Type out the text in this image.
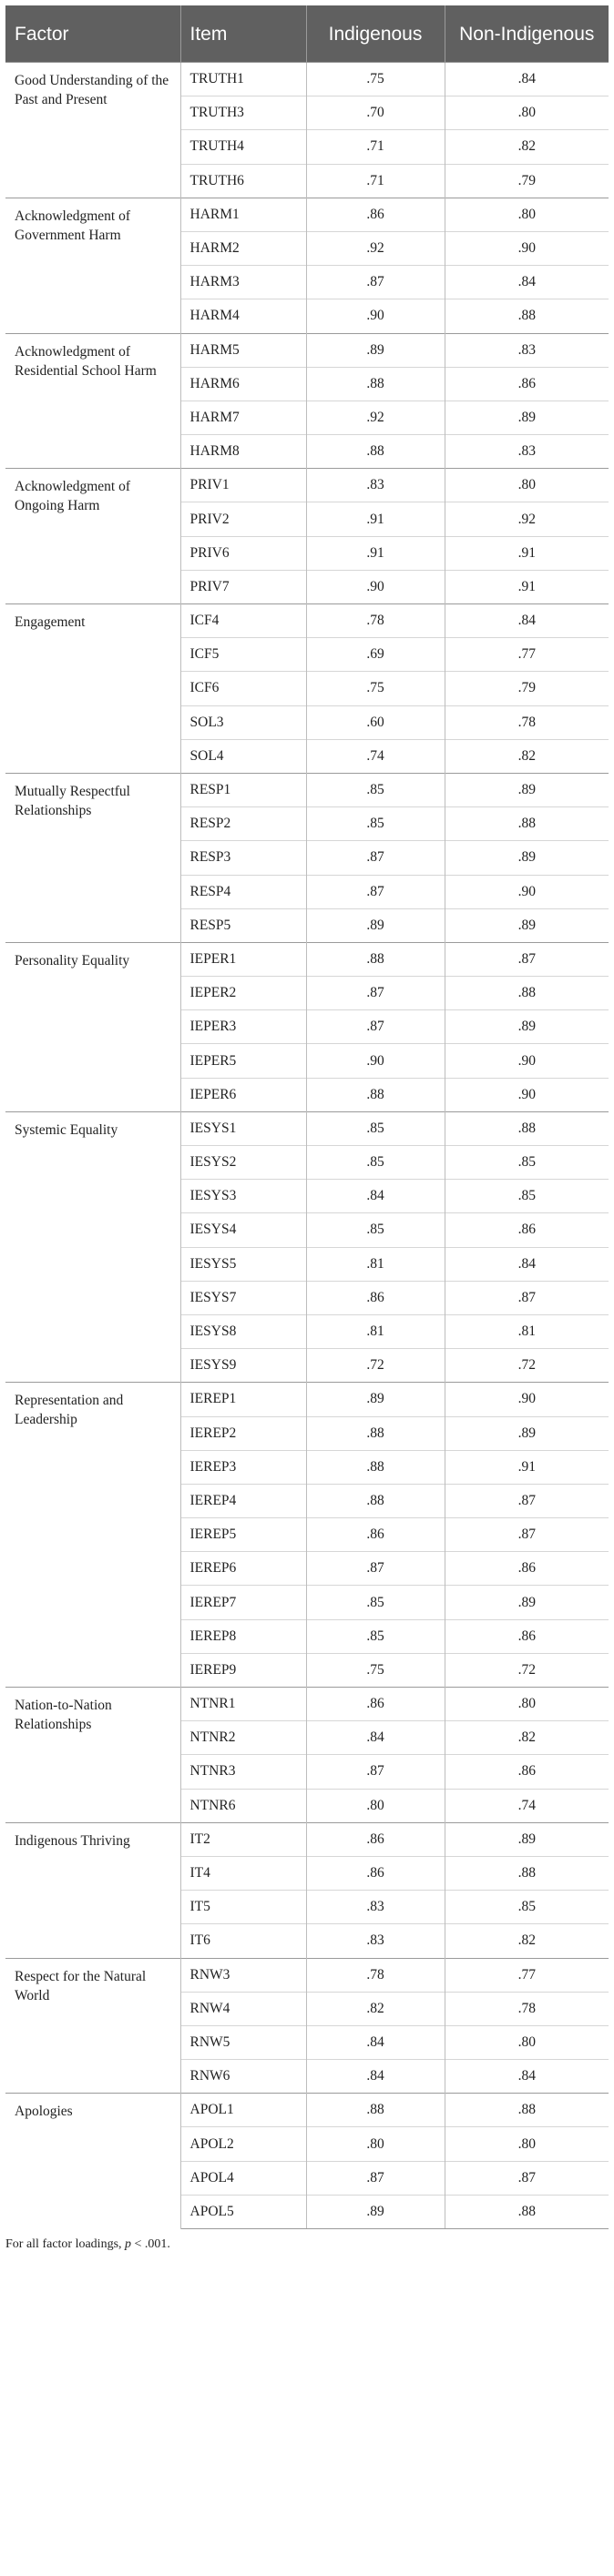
Factor	Item	Indigenous	Non-Indigenous
Good Understanding of the Past and Present	TRUTH1	.75	.84
	TRUTH3	.70	.80
	TRUTH4	.71	.82
	TRUTH6	.71	.79
Acknowledgment of Government Harm	HARM1	.86	.80
	HARM2	.92	.90
	HARM3	.87	.84
	HARM4	.90	.88
Acknowledgment of Residential School Harm	HARM5	.89	.83
	HARM6	.88	.86
	HARM7	.92	.89
	HARM8	.88	.83
Acknowledgment of Ongoing Harm	PRIV1	.83	.80
	PRIV2	.91	.92
	PRIV6	.91	.91
	PRIV7	.90	.91
Engagement	ICF4	.78	.84
	ICF5	.69	.77
	ICF6	.75	.79
	SOL3	.60	.78
	SOL4	.74	.82
Mutually Respectful Relationships	RESP1	.85	.89
	RESP2	.85	.88
	RESP3	.87	.89
	RESP4	.87	.90
	RESP5	.89	.89
Personality Equality	IEPER1	.88	.87
	IEPER2	.87	.88
	IEPER3	.87	.89
	IEPER5	.90	.90
	IEPER6	.88	.90
Systemic Equality	IESYS1	.85	.88
	IESYS2	.85	.85
	IESYS3	.84	.85
	IESYS4	.85	.86
	IESYS5	.81	.84
	IESYS7	.86	.87
	IESYS8	.81	.81
	IESYS9	.72	.72
Representation and Leadership	IEREP1	.89	.90
	IEREP2	.88	.89
	IEREP3	.88	.91
	IEREP4	.88	.87
	IEREP5	.86	.87
	IEREP6	.87	.86
	IEREP7	.85	.89
	IEREP8	.85	.86
	IEREP9	.75	.72
Nation-to-Nation Relationships	NTNR1	.86	.80
	NTNR2	.84	.82
	NTNR3	.87	.86
	NTNR6	.80	.74
Indigenous Thriving	IT2	.86	.89
	IT4	.86	.88
	IT5	.83	.85
	IT6	.83	.82
Respect for the Natural World	RNW3	.78	.77
	RNW4	.82	.78
	RNW5	.84	.80
	RNW6	.84	.84
Apologies	APOL1	.88	.88
	APOL2	.80	.80
	APOL4	.87	.87
	APOL5	.89	.88
For all factor loadings, p < .001.
